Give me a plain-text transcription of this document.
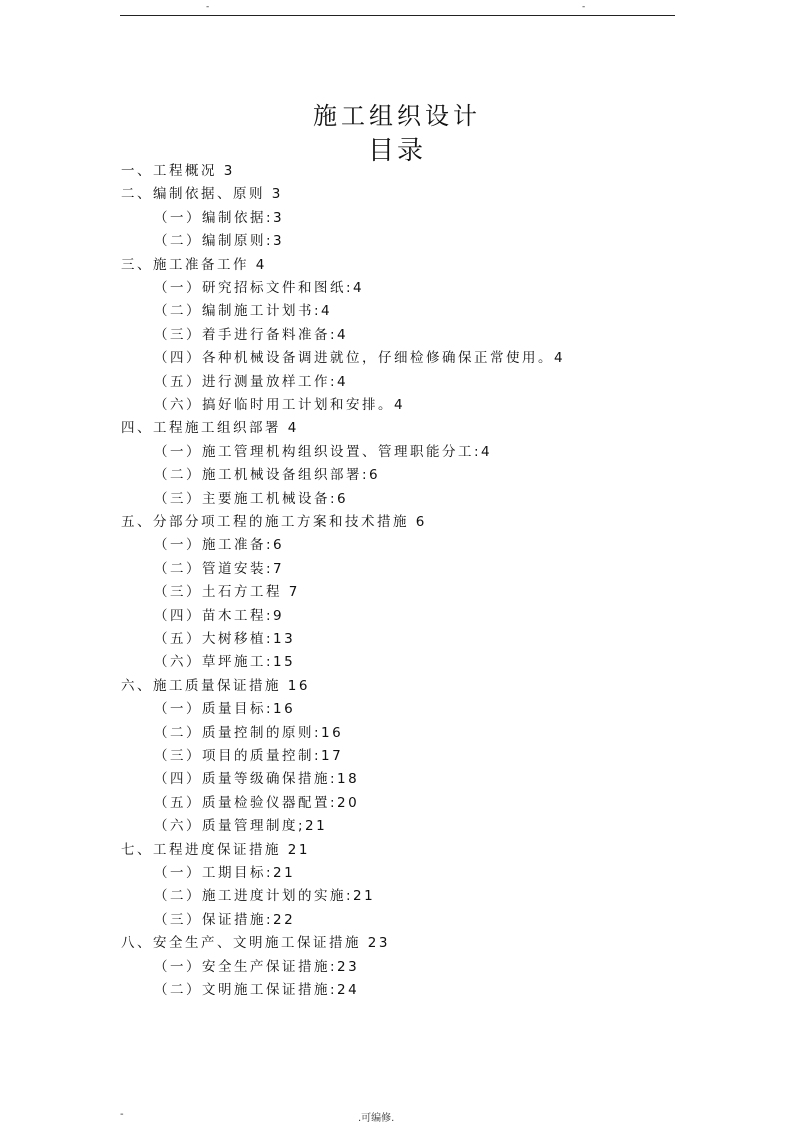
-	-
施工组织设计
目录
一、工程概况 3
二、编制依据、原则 3
（一）编制依据:3
（二）编制原则:3
三、施工准备工作 4
（一）研究招标文件和图纸:4
（二）编制施工计划书:4
（三）着手进行备料准备:4
（四）各种机械设备调进就位，仔细检修确保正常使用。4
（五）进行测量放样工作:4
（六）搞好临时用工计划和安排。4
四、工程施工组织部署 4
（一）施工管理机构组织设置、管理职能分工:4
（二）施工机械设备组织部署:6
（三）主要施工机械设备:6
五、分部分项工程的施工方案和技术措施 6
（一）施工准备:6
（二）管道安装:7
（三）土石方工程 7
（四）苗木工程:9
（五）大树移植:13
（六）草坪施工:15
六、施工质量保证措施 16
（一）质量目标:16
（二）质量控制的原则:16
（三）项目的质量控制:17
（四）质量等级确保措施:18
（五）质量检验仪器配置:20
（六）质量管理制度;21
七、工程进度保证措施 21
（一）工期目标:21
（二）施工进度计划的实施:21
（三）保证措施:22
八、安全生产、文明施工保证措施 23
（一）安全生产保证措施:23
（二）文明施工保证措施:24
-	.可编修.
